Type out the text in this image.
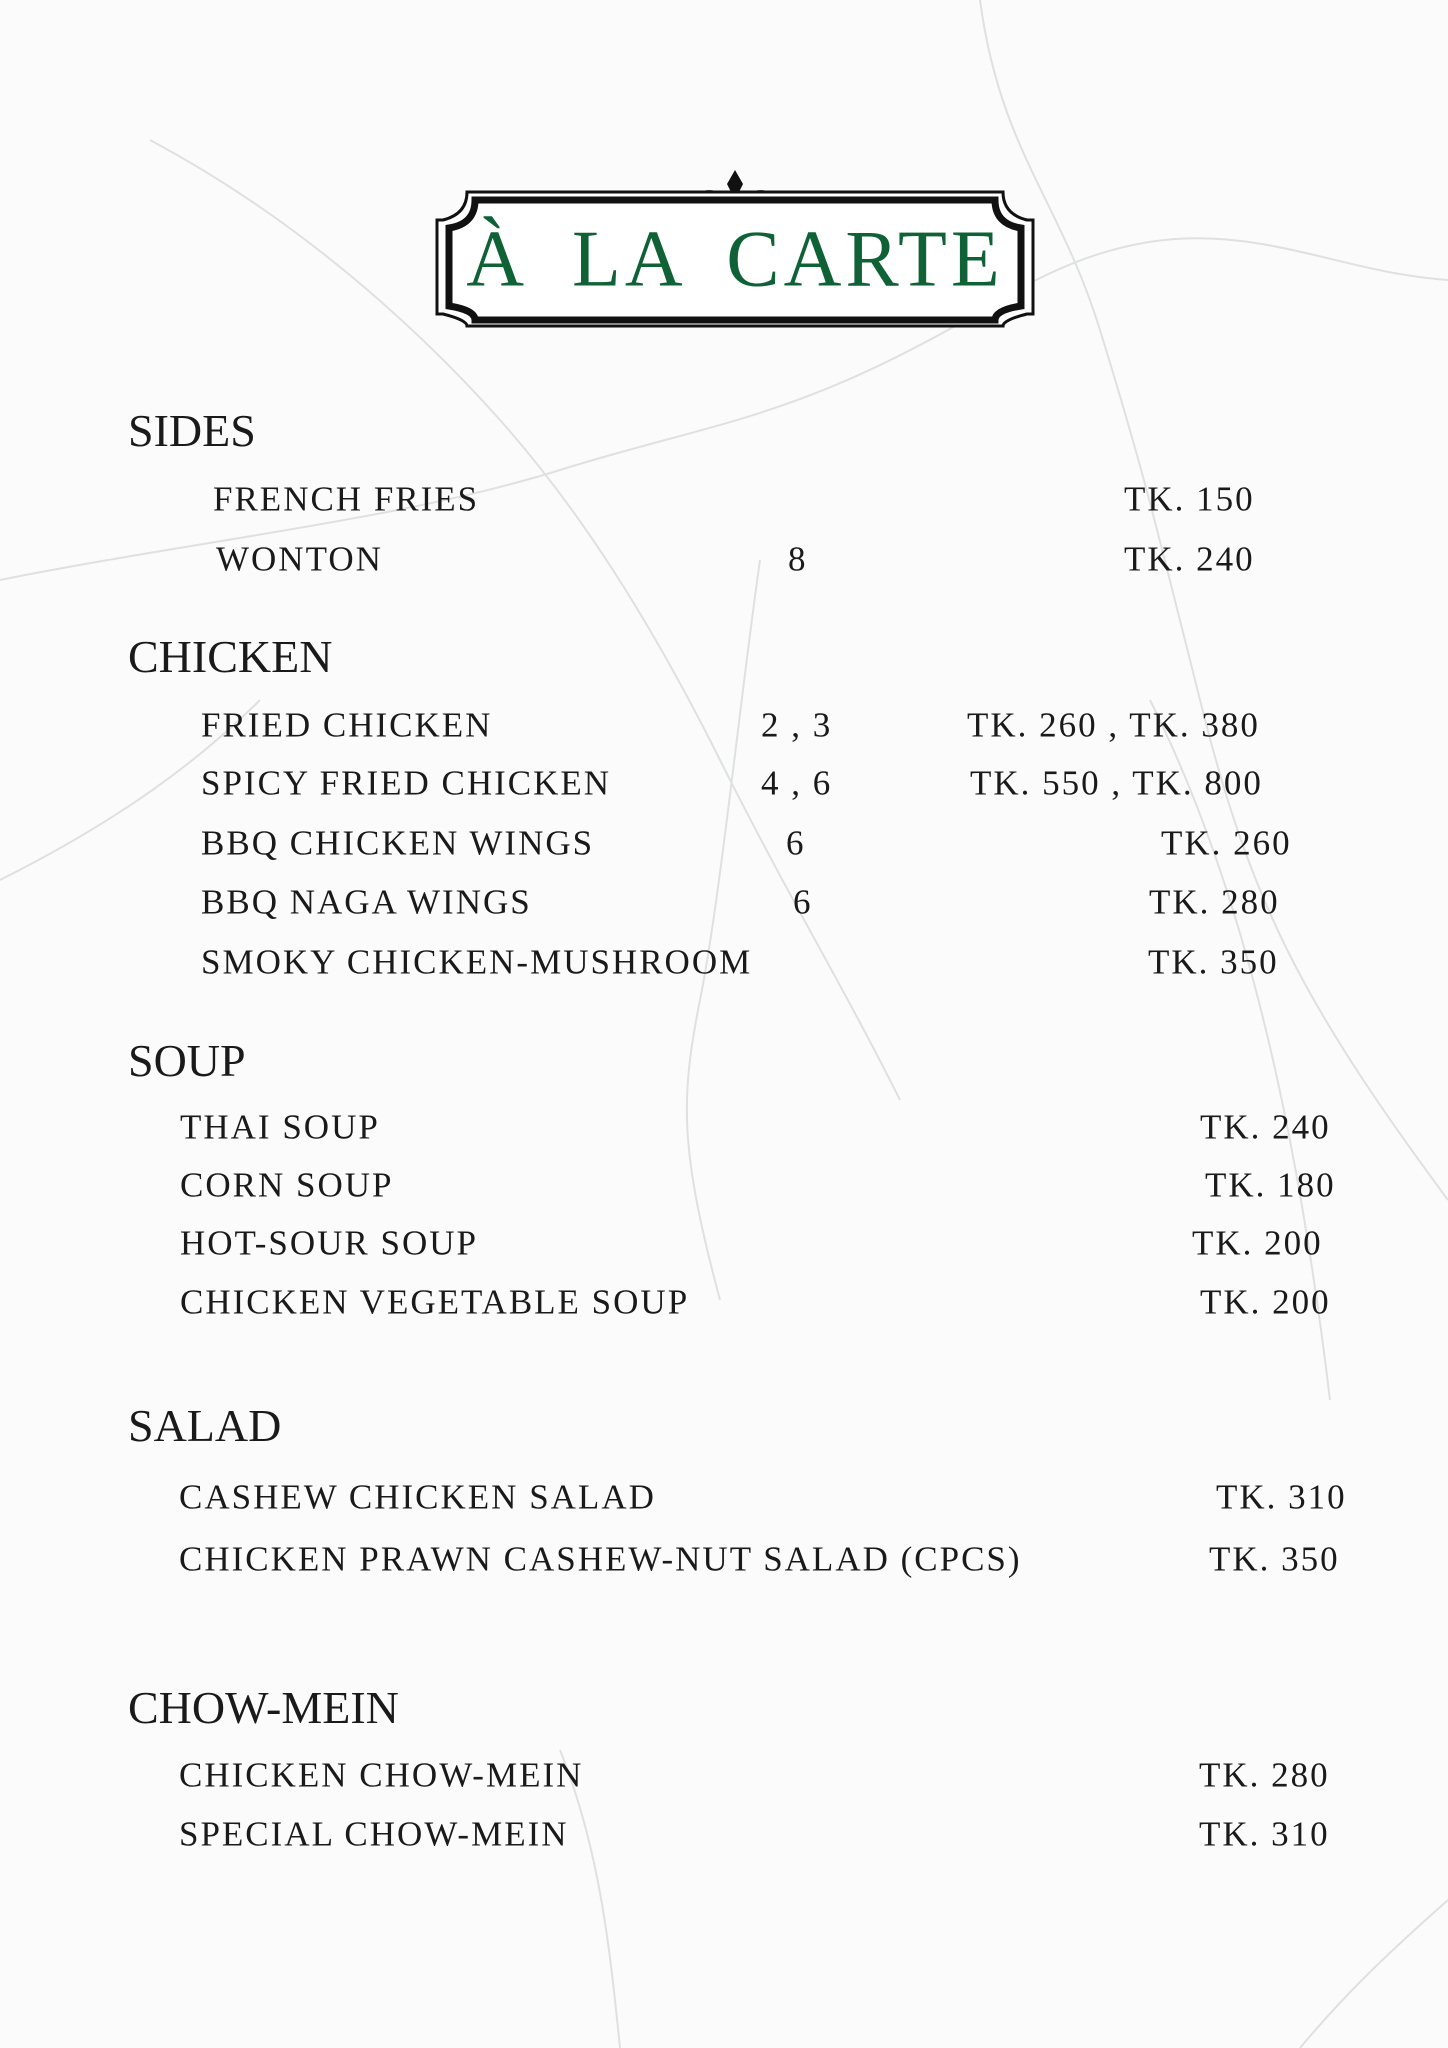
À LA CARTE
SIDES
FRENCH FRIES	TK. 150
WONTON	8	TK. 240
CHICKEN
FRIED CHICKEN	2 , 3	TK. 260 , TK. 380
SPICY FRIED CHICKEN	4 , 6	TK. 550 , TK. 800
BBQ CHICKEN WINGS	6	TK. 260
BBQ NAGA WINGS	6	TK. 280
SMOKY CHICKEN-MUSHROOM	TK. 350
SOUP
THAI SOUP	TK. 240
CORN SOUP	TK. 180
HOT-SOUR SOUP	TK. 200
CHICKEN VEGETABLE SOUP	TK. 200
SALAD
CASHEW CHICKEN SALAD	TK. 310
CHICKEN PRAWN CASHEW-NUT SALAD (CPCS)	TK. 350
CHOW-MEIN
CHICKEN CHOW-MEIN	TK. 280
SPECIAL CHOW-MEIN	TK. 310
